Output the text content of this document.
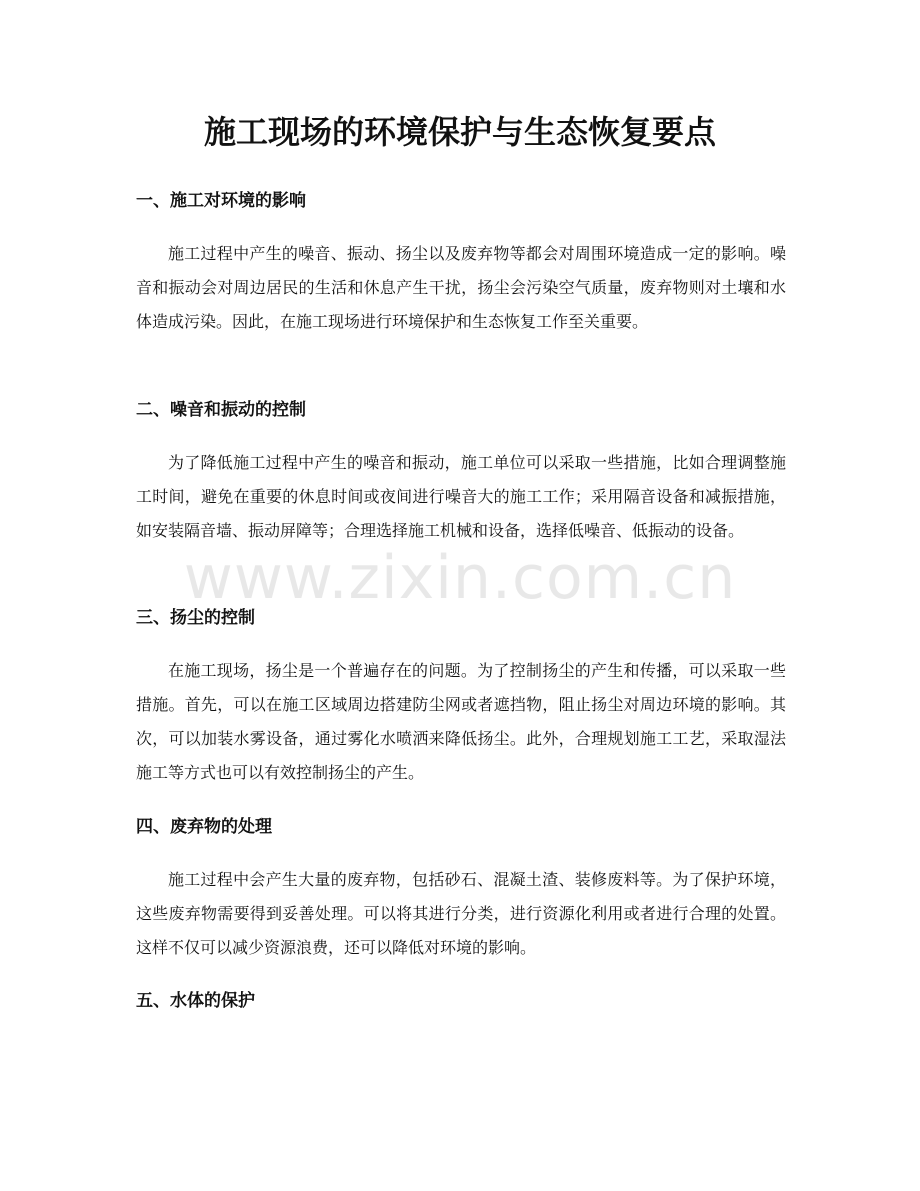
施工现场的环境保护与生态恢复要点
一、施工对环境的影响

施工过程中产生的噪音、振动、扬尘以及废弃物等都会对周围环境造成一定的影响。噪音和振动会对周边居民的生活和休息产生干扰，扬尘会污染空气质量，废弃物则对土壤和水体造成污染。因此，在施工现场进行环境保护和生态恢复工作至关重要。

二、噪音和振动的控制

为了降低施工过程中产生的噪音和振动，施工单位可以采取一些措施，比如合理调整施工时间，避免在重要的休息时间或夜间进行噪音大的施工工作；采用隔音设备和减振措施，如安装隔音墙、振动屏障等；合理选择施工机械和设备，选择低噪音、低振动的设备。

三、扬尘的控制

在施工现场，扬尘是一个普遍存在的问题。为了控制扬尘的产生和传播，可以采取一些措施。首先，可以在施工区域周边搭建防尘网或者遮挡物，阻止扬尘对周边环境的影响。其次，可以加装水雾设备，通过雾化水喷洒来降低扬尘。此外，合理规划施工工艺，采取湿法施工等方式也可以有效控制扬尘的产生。

四、废弃物的处理

施工过程中会产生大量的废弃物，包括砂石、混凝土渣、装修废料等。为了保护环境，这些废弃物需要得到妥善处理。可以将其进行分类，进行资源化利用或者进行合理的处置。这样不仅可以减少资源浪费，还可以降低对环境的影响。

五、水体的保护
www.zixin.com.cn
